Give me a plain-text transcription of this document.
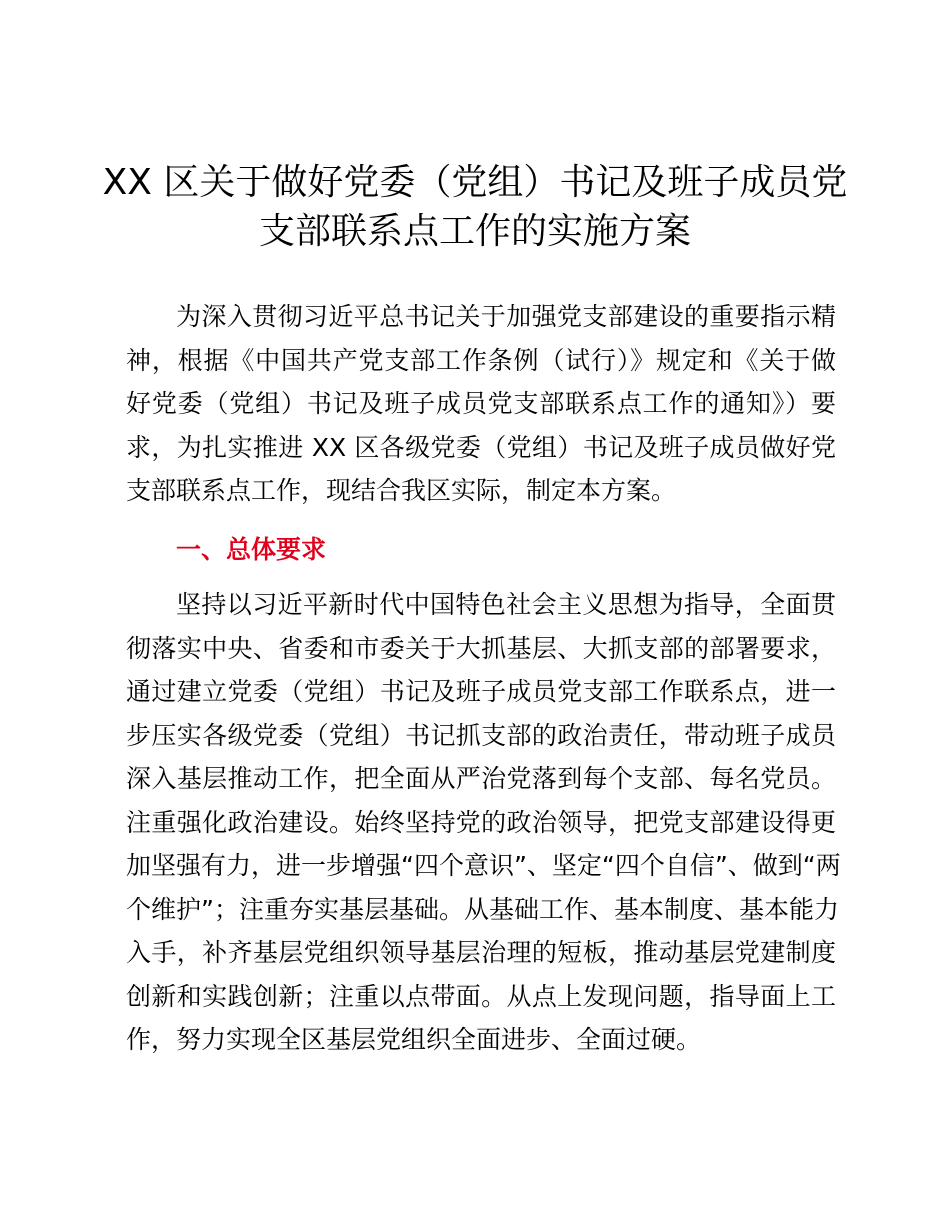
XX 区关于做好党委（党组）书记及班子成员党
支部联系点工作的实施方案

为深入贯彻习近平总书记关于加强党支部建设的重要指示精
神，根据《中国共产党支部工作条例（试行）》规定和《关于做
好党委（党组）书记及班子成员党支部联系点工作的通知》）要
求，为扎实推进 XX 区各级党委（党组）书记及班子成员做好党
支部联系点工作，现结合我区实际，制定本方案。

一、总体要求

坚持以习近平新时代中国特色社会主义思想为指导，全面贯
彻落实中央、省委和市委关于大抓基层、大抓支部的部署要求，
通过建立党委（党组）书记及班子成员党支部工作联系点，进一
步压实各级党委（党组）书记抓支部的政治责任，带动班子成员
深入基层推动工作，把全面从严治党落到每个支部、每名党员。
注重强化政治建设。始终坚持党的政治领导，把党支部建设得更
加坚强有力，进一步增强“四个意识”、坚定“四个自信”、做到“两
个维护”；注重夯实基层基础。从基础工作、基本制度、基本能力
入手，补齐基层党组织领导基层治理的短板，推动基层党建制度
创新和实践创新；注重以点带面。从点上发现问题，指导面上工
作，努力实现全区基层党组织全面进步、全面过硬。
